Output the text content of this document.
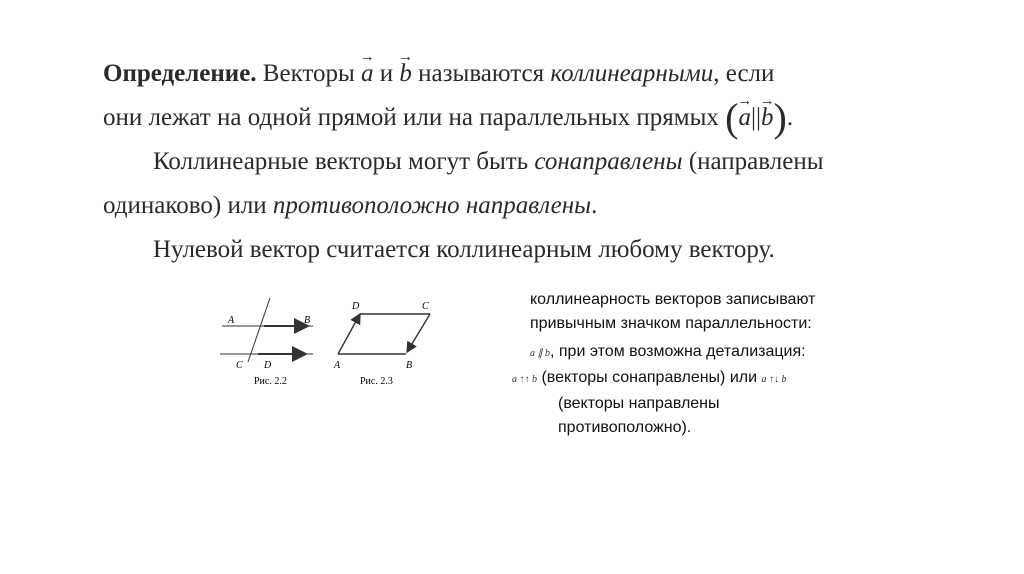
Определение. Векторы → a и → b называются коллинеарными, если
они лежат на одной прямой или на параллельных прямых (→ a||→ b).

Коллинеарные векторы могут быть сонаправлены (направлены одинаково) или противоположно направлены.

Нулевой вектор считается коллинеарным любому вектору.

A	B
C D
Рис. 2.2
D	C
A	B
Рис. 2.3
коллинеарность векторов записывают
привычным значком параллельности:
a ∥ b, при этом возможна детализация:
a ↑↑ b (векторы сонаправлены) или a ↑↓ b
(векторы направлены
противоположно).
